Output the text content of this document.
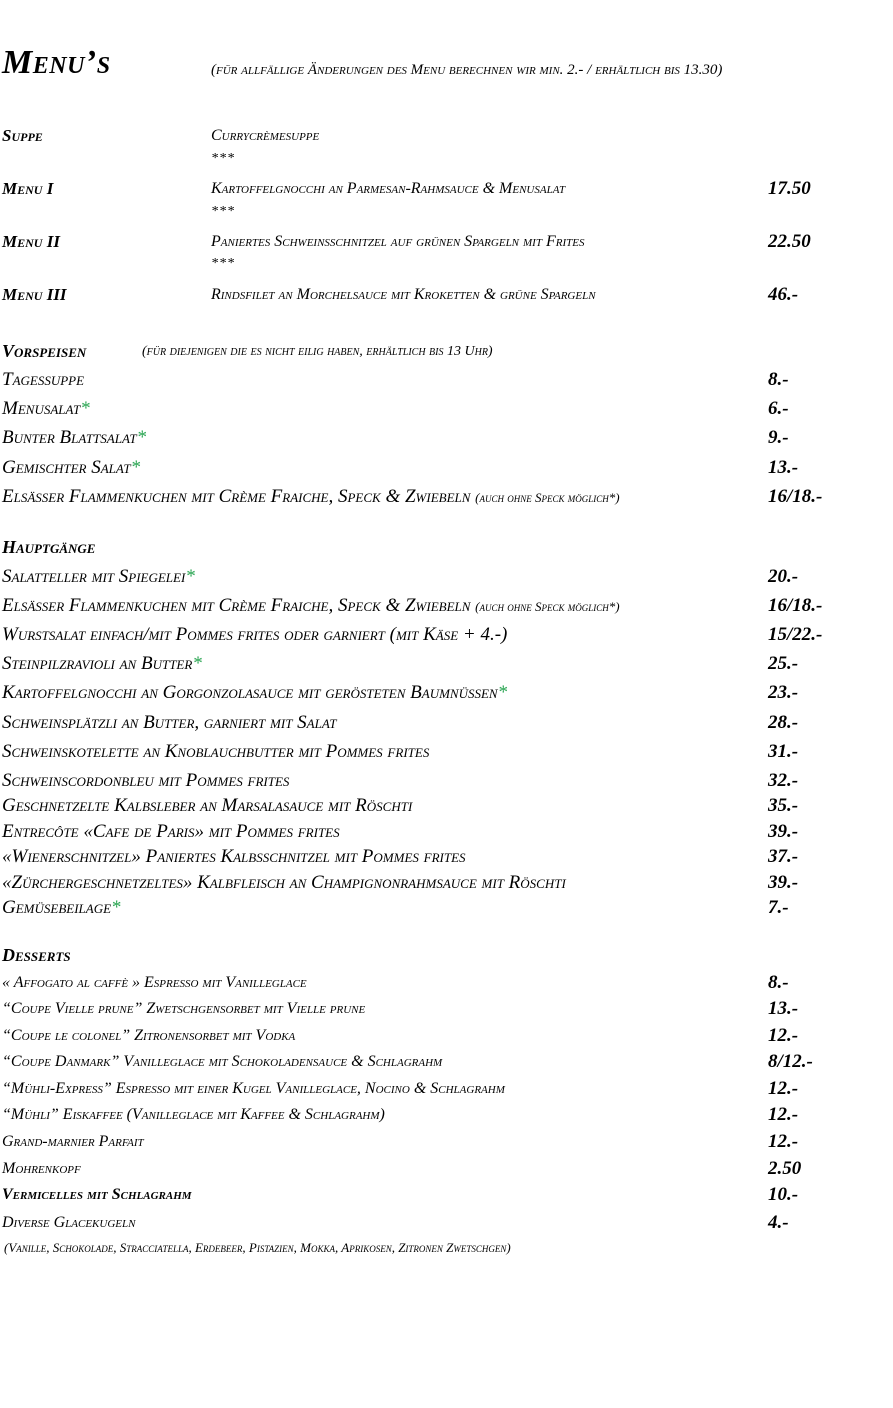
Menu’s	(für allfällige Änderungen des Menu berechnen wir min. 2.- / erhältlich bis 13.30)
Suppe	Currycrèmesuppe
***
Menu I	Kartoffelgnocchi an Parmesan-Rahmsauce & Menusalat	17.50
***
Menu II	Paniertes Schweinsschnitzel auf grünen Spargeln mit Frites	22.50
***
Menu III	Rindsfilet an Morchelsauce mit Kroketten & grüne Spargeln	46.-
Vorspeisen	(für diejenigen die es nicht eilig haben, erhältlich bis 13 Uhr)
Tagessuppe	8.-
Menusalat*	6.-
Bunter Blattsalat*	9.-
Gemischter Salat*	13.-
Elsässer Flammenkuchen mit Crème Fraiche, Speck & Zwiebeln (auch ohne Speck möglich*)	16/18.-
Hauptgänge
Salatteller mit Spiegelei*	20.-
Elsässer Flammenkuchen mit Crème Fraiche, Speck & Zwiebeln (auch ohne Speck möglich*)	16/18.-
Wurstsalat einfach/mit Pommes frites oder garniert (mit Käse + 4.-)	15/22.-
Steinpilzravioli an Butter*	25.-
Kartoffelgnocchi an Gorgonzolasauce mit gerösteten Baumnüssen*	23.-
Schweinsplätzli an Butter, garniert mit Salat	28.-
Schweinskotelette an Knoblauchbutter mit Pommes frites	31.-
Schweinscordonbleu mit Pommes frites	32.-
Geschnetzelte Kalbsleber an Marsalasauce mit Röschti	35.-
Entrecôte «Cafe de Paris» mit Pommes frites	39.-
«Wienerschnitzel» Paniertes Kalbsschnitzel mit Pommes frites	37.-
«Zürchergeschnetzeltes» Kalbfleisch an Champignonrahmsauce mit Röschti	39.-
Gemüsebeilage*	7.-
Desserts
« Affogato al caffè » Espresso mit Vanilleglace	8.-
“Coupe Vielle prune” Zwetschgensorbet mit Vielle prune	13.-
“Coupe le colonel” Zitronensorbet mit Vodka	12.-
“Coupe Danmark” Vanilleglace mit Schokoladensauce & Schlagrahm	8/12.-
“Mühli-Express” Espresso mit einer Kugel Vanilleglace, Nocino & Schlagrahm	12.-
“Mühli” Eiskaffee (Vanilleglace mit Kaffee & Schlagrahm)	12.-
Grand-marnier Parfait	12.-
Mohrenkopf	2.50
Vermicelles mit Schlagrahm	10.-
Diverse Glacekugeln	4.-
(Vanille, Schokolade, Stracciatella, Erdebeer, Pistazien, Mokka, Aprikosen, Zitronen Zwetschgen)
